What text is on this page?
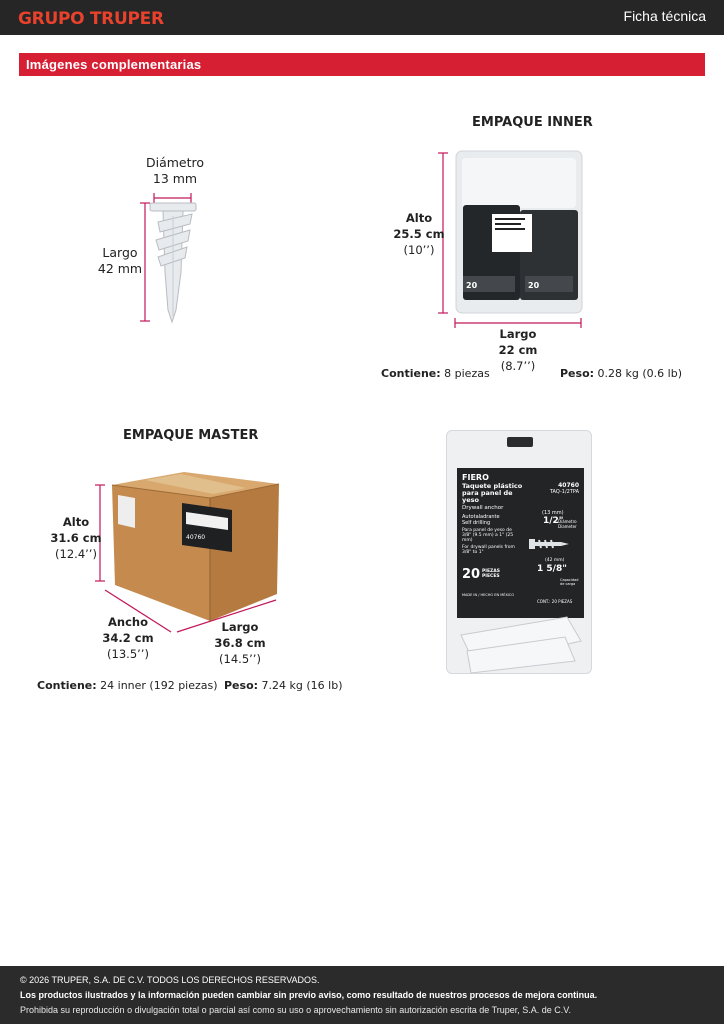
GRUPO TRUPER	Ficha técnica
Imágenes complementarias
Diámetro
13 mm
Largo
42 mm
EMPAQUE INNER
20	20
Alto
25.5 cm
(10’’)
Largo
22 cm
(8.7’’)
Contiene: 8 piezas	Peso: 0.28 kg (0.6 lb)
EMPAQUE MASTER
40760
Alto
31.6 cm
(12.4’’)
Ancho
34.2 cm
(13.5’’)
Largo
36.8 cm
(14.5’’)
Contiene: 24 inner (192 piezas) Peso: 7.24 kg (16 lb)
FIERO
40760
TAQ-1/2TPA
Taquete plástico para panel de yeso
Drywall anchor
Autotaladrante
Self drilling
Para panel de yeso de 3/8" (9.5 mm) a 1" (25 mm)
For drywall panels from 3/8" to 1"
(13 mm)
1/2"
Diámetro Diameter
(42 mm)
1 5/8"
20 PIEZAS PIECES
Capacidad de carga
MADE IN / HECHO EN MÉXICO
CONT.: 20 PIEZAS

© 2026 TRUPER, S.A. DE C.V. TODOS LOS DERECHOS RESERVADOS.

Los productos ilustrados y la información pueden cambiar sin previo aviso, como resultado de nuestros procesos de mejora continua.

Prohibida su reproducción o divulgación total o parcial así como su uso o aprovechamiento sin autorización escrita de Truper, S.A. de C.V.
